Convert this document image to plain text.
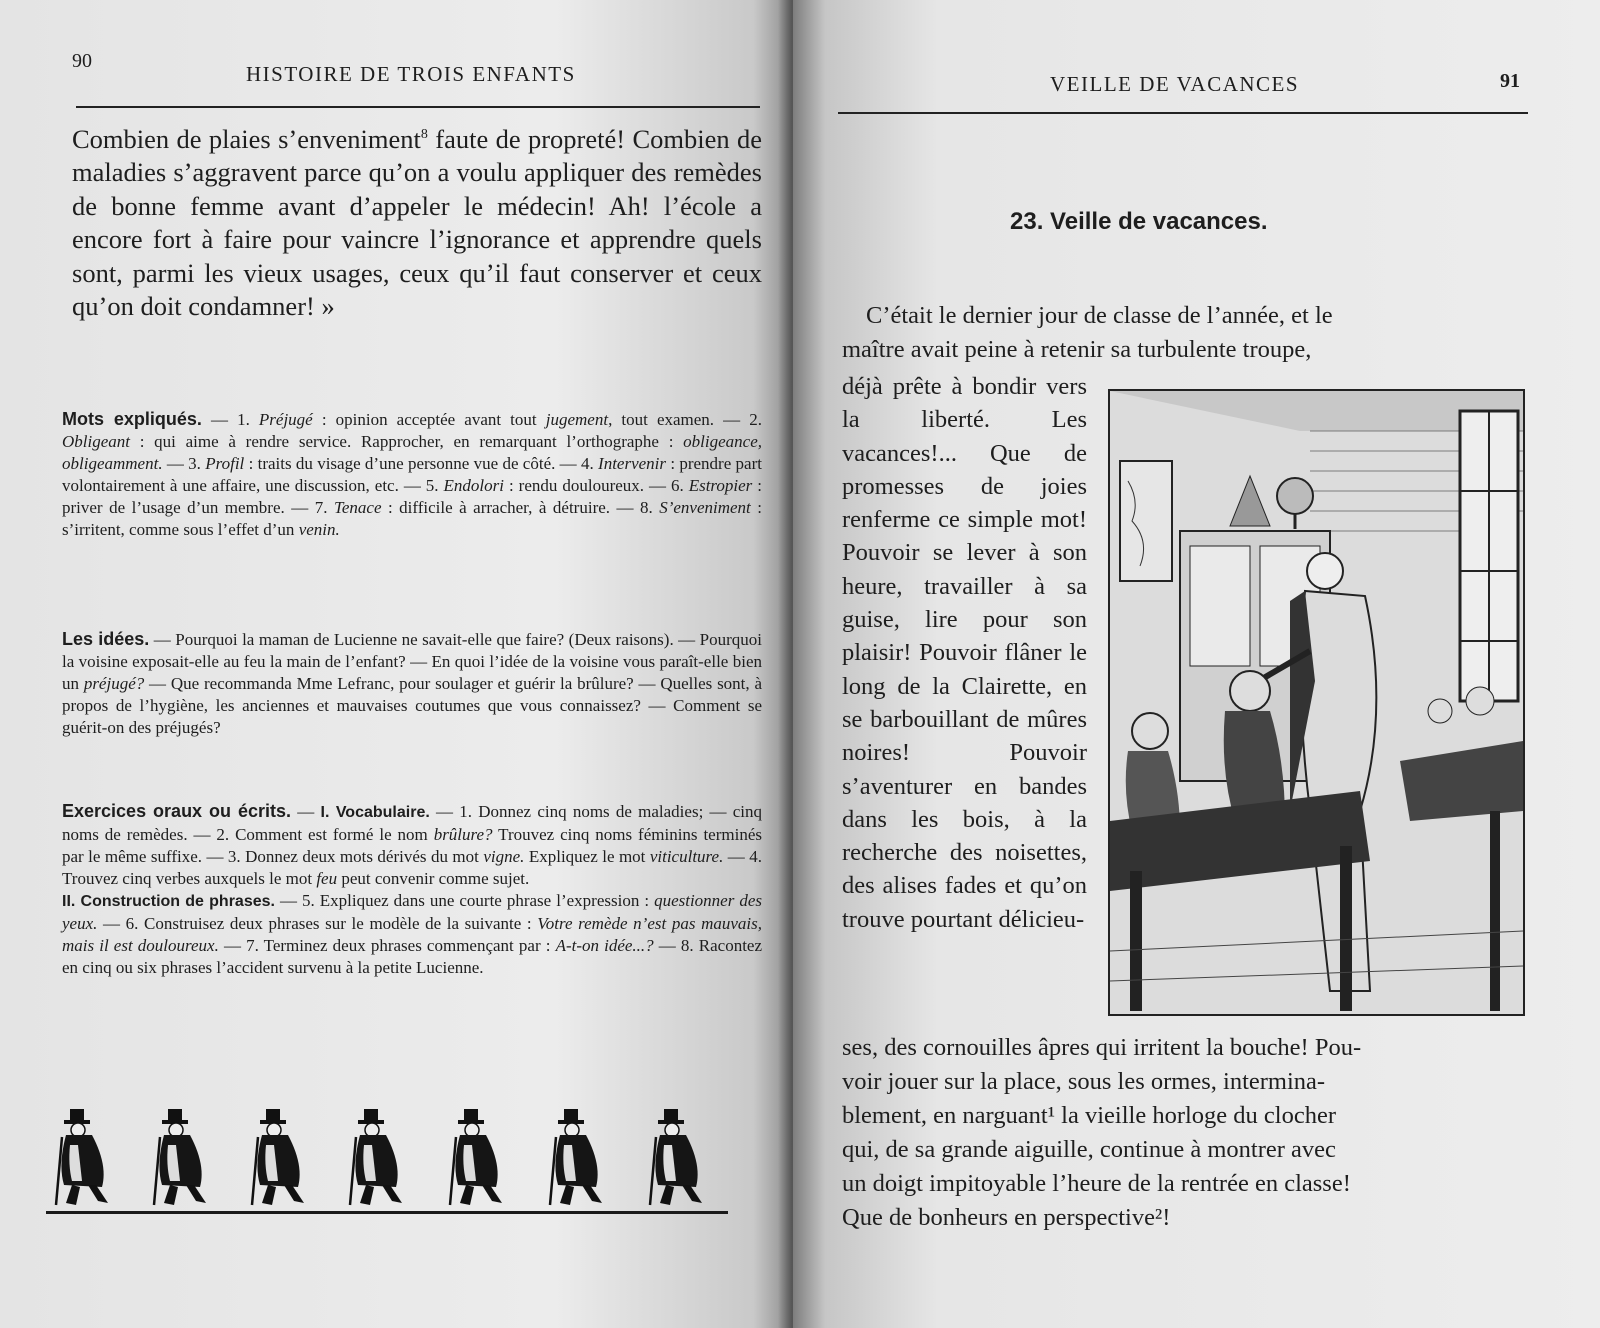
90
HISTOIRE DE TROIS ENFANTS
Combien de plaies s’enveniment$^8$ faute de propreté! Combien de maladies s’aggravent parce qu’on a voulu appliquer des remèdes de bonne femme avant d’appeler le médecin! Ah! l’école a encore fort à faire pour vaincre l’ignorance et apprendre quels sont, parmi les vieux usages, ceux qu’il faut conserver et ceux qu’on doit condamner! »
Mots expliqués. — 1. Préjugé : opinion acceptée avant tout jugement, tout examen. — 2. Obligeant : qui aime à rendre service. Rapprocher, en remarquant l’orthographe : obligeance, obligeamment. — 3. Profil : traits du visage d’une personne vue de côté. — 4. Intervenir : prendre part volontairement à une affaire, une discussion, etc. — 5. Endolori : rendu douloureux. — 6. Estropier : priver de l’usage d’un membre. — 7. Tenace : difficile à arracher, à détruire. — 8. S’enveniment : s’irritent, comme sous l’effet d’un venin.
Les idées. — Pourquoi la maman de Lucienne ne savait-elle que faire? (Deux raisons). — Pourquoi la voisine exposait-elle au feu la main de l’enfant? — En quoi l’idée de la voisine vous paraît-elle bien un préjugé? — Que recommanda Mme Lefranc, pour soulager et guérir la brûlure? — Quelles sont, à propos de l’hygiène, les anciennes et mauvaises coutumes que vous connaissez? — Comment se guérit-on des préjugés?
Exercices oraux ou écrits. — I. Vocabulaire. — 1. Donnez cinq noms de maladies; — cinq noms de remèdes. — 2. Comment est formé le nom brûlure? Trouvez cinq noms féminins terminés par le même suffixe. — 3. Donnez deux mots dérivés du mot vigne. Expliquez le mot viticulture. — 4. Trouvez cinq verbes auxquels le mot feu peut convenir comme sujet.
II. Construction de phrases. — 5. Expliquez dans une courte phrase l’expression : questionner des yeux. — 6. Construisez deux phrases sur le modèle de la suivante : Votre remède n’est pas mauvais, mais il est douloureux. — 7. Terminez deux phrases commençant par : A-t-on idée...? — 8. Racontez en cinq ou six phrases l’accident survenu à la petite Lucienne.
VEILLE DE VACANCES	91
23. Veille de vacances.
C’était le dernier jour de classe de l’année, et le
maître avait peine à retenir sa turbulente troupe,
déjà prête à bondir vers la liberté. Les vacances!... Que de promesses de joies renferme ce simple mot! Pouvoir se lever à son heure, travailler à sa guise, lire pour son plaisir! Pouvoir flâner le long de la Clairette, en se barbouillant de mûres noires! Pouvoir s’aventurer en bandes dans les bois, à la recherche des noisettes, des alises fades et qu’on trouve pourtant délicieu-
ses, des cornouilles âpres qui irritent la bouche! Pou-
voir jouer sur la place, sous les ormes, intermina-
blement, en narguant¹ la vieille horloge du clocher
qui, de sa grande aiguille, continue à montrer avec
un doigt impitoyable l’heure de la rentrée en classe!
Que de bonheurs en perspective²!
